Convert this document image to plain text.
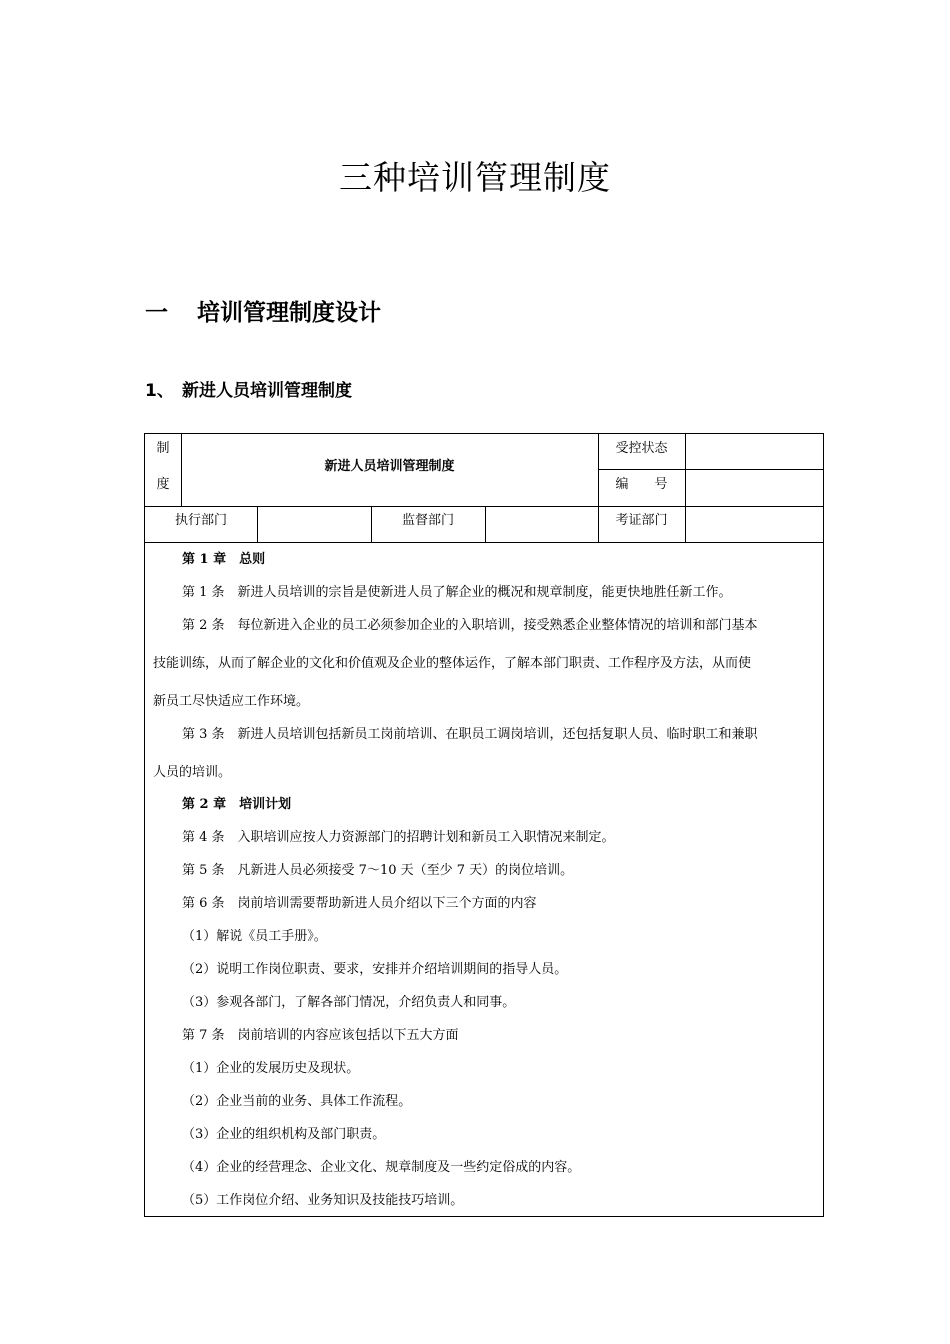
三种培训管理制度
一 培训管理制度设计
1、 新进人员培训管理制度
制
度
新进人员培训管理制度
受控状态
编　　号
执行部门	监督部门	考证部门
第 1 章　总则
第 1 条　新进人员培训的宗旨是使新进人员了解企业的概况和规章制度，能更快地胜任新工作。
第 2 条　每位新进入企业的员工必须参加企业的入职培训，接受熟悉企业整体情况的培训和部门基本
技能训练，从而了解企业的文化和价值观及企业的整体运作，了解本部门职责、工作程序及方法，从而使
新员工尽快适应工作环境。
第 3 条　新进人员培训包括新员工岗前培训、在职员工调岗培训，还包括复职人员、临时职工和兼职
人员的培训。
第 2 章　培训计划
第 4 条　入职培训应按人力资源部门的招聘计划和新员工入职情况来制定。
第 5 条　凡新进人员必须接受 7～10 天（至少 7 天）的岗位培训。
第 6 条　岗前培训需要帮助新进人员介绍以下三个方面的内容
（1）解说《员工手册》。
（2）说明工作岗位职责、要求，安排并介绍培训期间的指导人员。
（3）参观各部门，了解各部门情况，介绍负责人和同事。
第 7 条　岗前培训的内容应该包括以下五大方面
（1）企业的发展历史及现状。
（2）企业当前的业务、具体工作流程。
（3）企业的组织机构及部门职责。
（4）企业的经营理念、企业文化、规章制度及一些约定俗成的内容。
（5）工作岗位介绍、业务知识及技能技巧培训。
